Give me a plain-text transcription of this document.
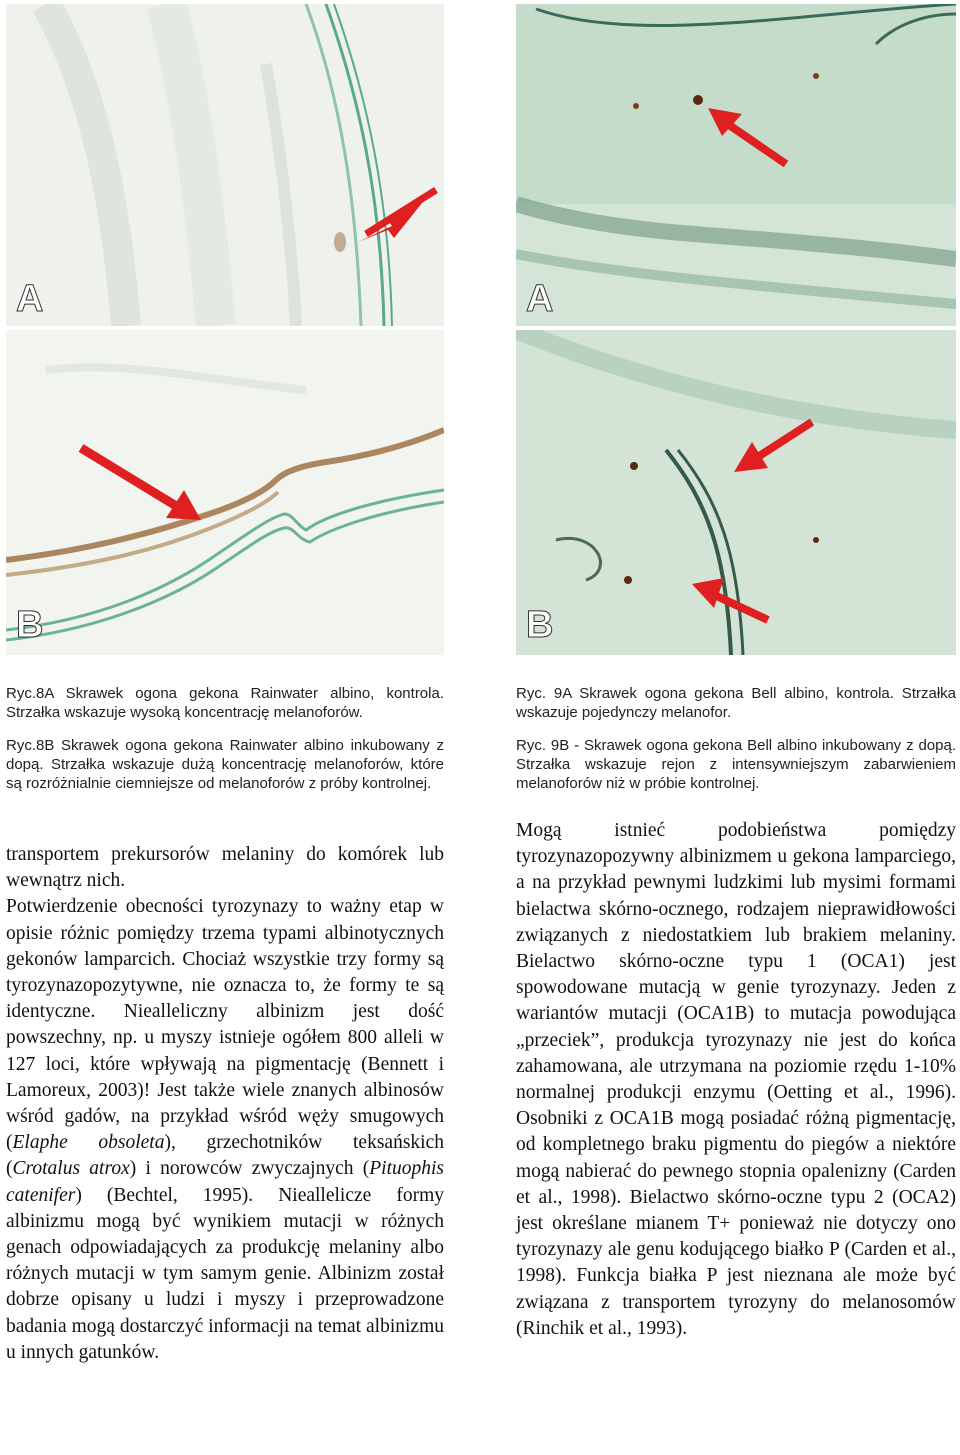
A
B
A
B

Ryc.8A Skrawek ogona gekona Rainwater albino, kontrola. Strzałka wskazuje wysoką koncentrację melanoforów.

Ryc.8B Skrawek ogona gekona Rainwater albino inkubowany z dopą. Strzałka wskazuje dużą koncentrację melanoforów, które są rozróżnialnie ciemniejsze od melanoforów z próby kontrolnej.

Ryc. 9A Skrawek ogona gekona Bell albino, kontrola. Strzałka wskazuje pojedynczy melanofor.

Ryc. 9B - Skrawek ogona gekona Bell albino inkubowany z dopą. Strzałka wskazuje rejon z intensywniejszym zabarwieniem melanoforów niż w próbie kontrolnej.

transportem prekursorów melaniny do komórek lub wewnątrz nich.

Potwierdzenie obecności tyrozynazy to ważny etap w opisie różnic pomiędzy trzema typami albinotycznych gekonów lamparcich. Chociaż wszystkie trzy formy są tyrozynazopozytywne, nie oznacza to, że formy te są identyczne. Niealleliczny albinizm jest dość powszechny, np. u myszy istnieje ogółem 800 alleli w 127 loci, które wpływają na pigmentację (Bennett i Lamoreux, 2003)! Jest także wiele znanych albinosów wśród gadów, na przykład wśród węży smugowych (Elaphe obsoleta), grzechotników teksańskich (Crotalus atrox) i norowców zwyczajnych (Pituophis catenifer) (Bechtel, 1995). Nieallelicze formy albinizmu mogą być wynikiem mutacji w różnych genach odpowiadających za produkcję melaniny albo różnych mutacji w tym samym genie. Albinizm został dobrze opisany u ludzi i myszy i przeprowadzone badania mogą dostarczyć informacji na temat albinizmu u innych gatunków.

Mogą istnieć podobieństwa pomiędzy tyrozynazopozywny albinizmem u gekona lamparciego, a na przykład pewnymi ludzkimi lub mysimi formami bielactwa skórno-ocznego, rodzajem nieprawidłowości związanych z niedostatkiem lub brakiem melaniny. Bielactwo skórno-oczne typu 1 (OCA1) jest spowodowane mutacją w genie tyrozynazy. Jeden z wariantów mutacji (OCA1B) to mutacja powodująca „przeciek”, produkcja tyrozynazy nie jest do końca zahamowana, ale utrzymana na poziomie rzędu 1-10% normalnej produkcji enzymu (Oetting et al., 1996). Osobniki z OCA1B mogą posiadać różną pigmentację, od kompletnego braku pigmentu do piegów a niektóre mogą nabierać do pewnego stopnia opalenizny (Carden et al., 1998). Bielactwo skórno-oczne typu 2 (OCA2) jest określane mianem T+ ponieważ nie dotyczy ono tyrozynazy ale genu kodującego białko P (Carden et al., 1998). Funkcja białka P jest nieznana ale może być związana z transportem tyrozyny do melanosomów (Rinchik et al., 1993).
